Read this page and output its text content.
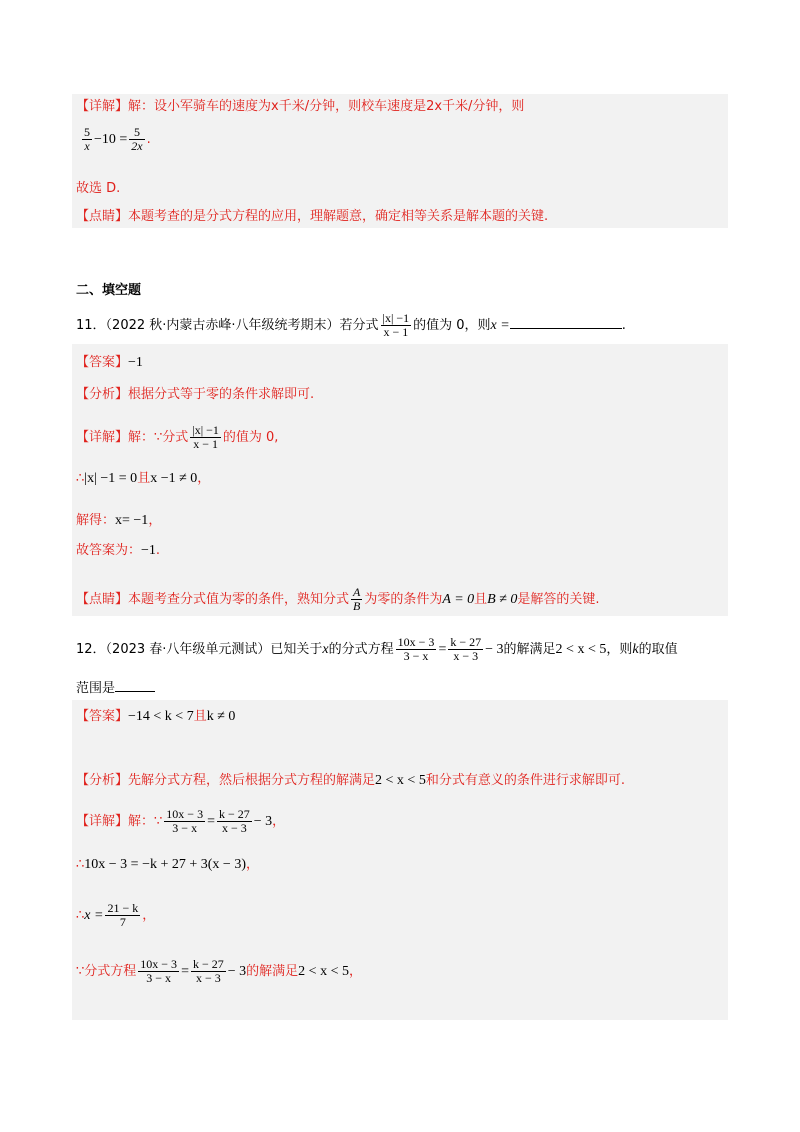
【详解】解：设小军骑车的速度为x千米/分钟，则校车速度是2x千米/分钟，则
$\frac{5}{x} -10 = \frac{5}{2x}$ .
故选 D.
【点睛】本题考查的是分式方程的应用，理解题意，确定相等关系是解本题的关键.
二、填空题
11．（2022 秋·内蒙古赤峰·八年级统考期末）若分式 $\frac{|x| -1}{x - 1}$ 的值为 0，则x =	.
【答案】−1
【分析】根据分式等于零的条件求解即可.
【详解】解：∵分式 $\frac{|x| -1}{x - 1}$ 的值为 0,
∴|x| −1 = 0且x −1 ≠ 0，
解得：x= −1，
故答案为：−1.
【点睛】本题考查分式值为零的条件，熟知分式 $\frac{A}{B}$ 为零的条件为A = 0且B ≠ 0是解答的关键.
12．（2023 春·八年级单元测试）已知关于x的分式方程 $\frac{10x - 3}{3 - x} = \frac{k - 27}{x - 3} - 3$的解满足2 < x < 5，则k的取值
范围是
【答案】−14 < k < 7且k ≠ 0
【分析】先解分式方程，然后根据分式方程的解满足2 < x < 5和分式有意义的条件进行求解即可.
【详解】解：∵ $\frac{10x - 3}{3 - x} = \frac{k - 27}{x - 3} - 3$，
∴10x − 3 = −k + 27 + 3(x − 3)，
∴x = $\frac{21 - k}{7}$ ，
∵分式方程 $\frac{10x - 3}{3 - x} = \frac{k - 27}{x - 3} - 3$的解满足2 < x < 5，
